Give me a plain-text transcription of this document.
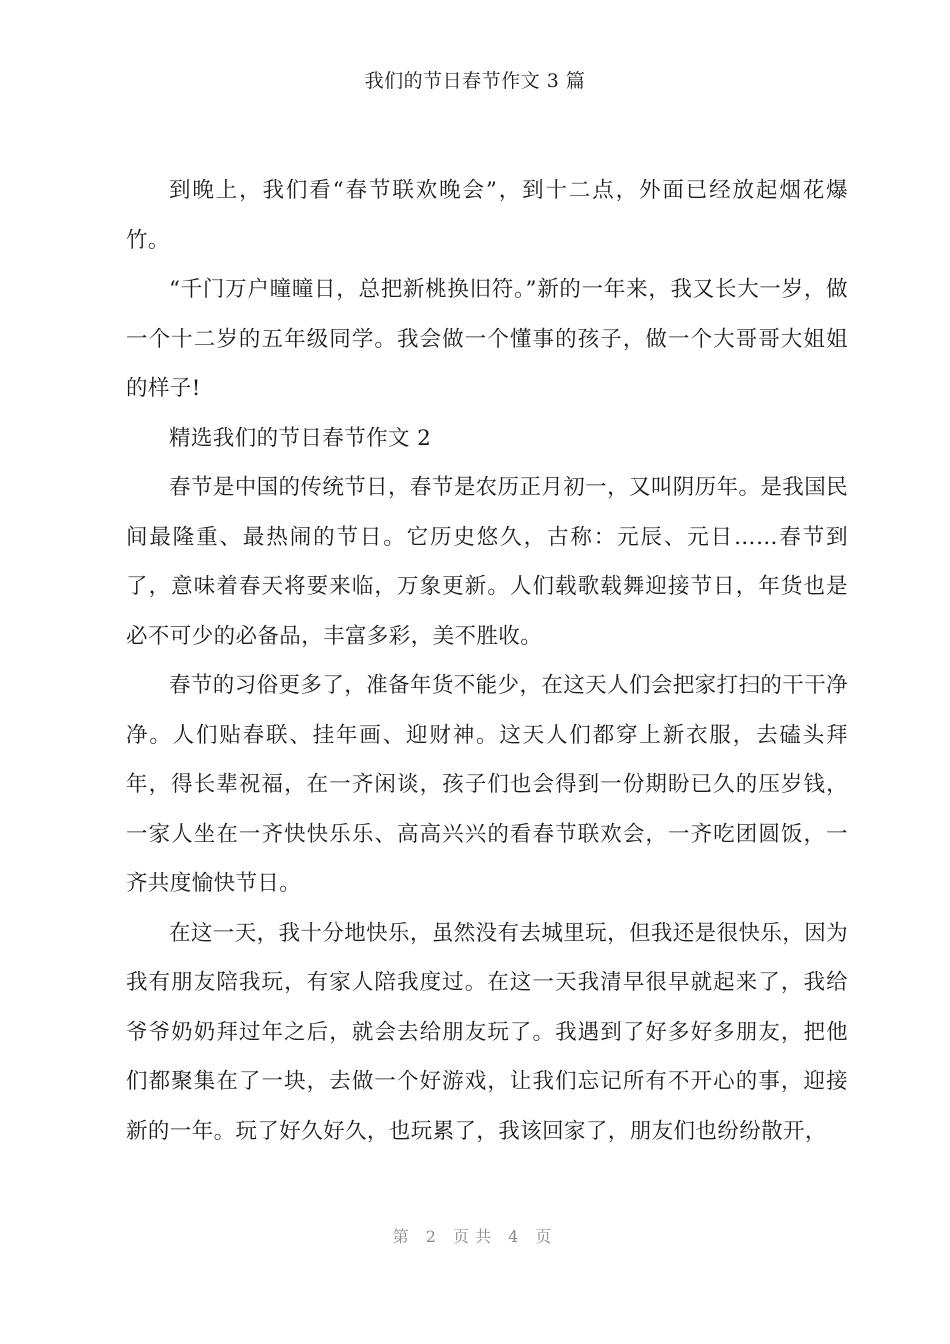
我们的节日春节作文 3 篇

到晚上，我们看“春节联欢晚会”，到十二点，外面已经放起烟花爆竹。

“千门万户曈曈日，总把新桃换旧符。”新的一年来，我又长大一岁，做一个十二岁的五年级同学。我会做一个懂事的孩子，做一个大哥哥大姐姐的样子!

精选我们的节日春节作文 2

春节是中国的传统节日，春节是农历正月初一，又叫阴历年。是我国民间最隆重、最热闹的节日。它历史悠久，古称：元辰、元日……春节到了，意味着春天将要来临，万象更新。人们载歌载舞迎接节日，年货也是必不可少的必备品，丰富多彩，美不胜收。

春节的习俗更多了，准备年货不能少，在这天人们会把家打扫的干干净净。人们贴春联、挂年画、迎财神。这天人们都穿上新衣服，去磕头拜年，得长辈祝福，在一齐闲谈，孩子们也会得到一份期盼已久的压岁钱，一家人坐在一齐快快乐乐、高高兴兴的看春节联欢会，一齐吃团圆饭，一齐共度愉快节日。

在这一天，我十分地快乐，虽然没有去城里玩，但我还是很快乐，因为我有朋友陪我玩，有家人陪我度过。在这一天我清早很早就起来了，我给爷爷奶奶拜过年之后，就会去给朋友玩了。我遇到了好多好多朋友，把他们都聚集在了一块，去做一个好游戏，让我们忘记所有不开心的事，迎接新的一年。玩了好久好久，也玩累了，我该回家了，朋友们也纷纷散开，

第 2 页共 4 页
